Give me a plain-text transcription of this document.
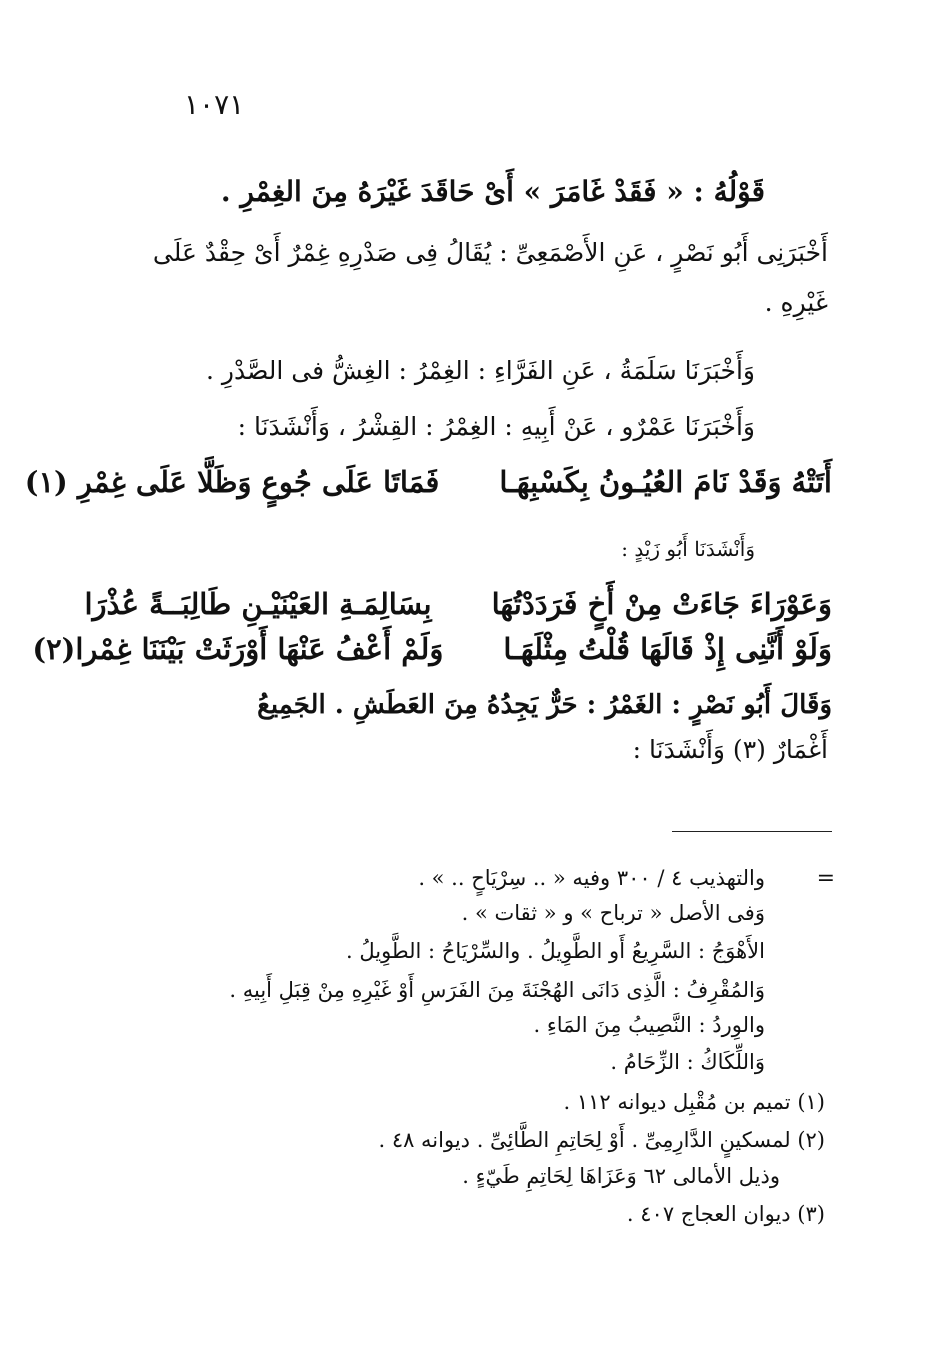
١٠٧١
قَوْلُهُ : « فَقَدْ غَامَرَ » أَىْ حَاقَدَ غَيْرَهُ مِنَ الغِمْرِ .
أَخْبَرَنِى أَبُو نَصْرٍ ، عَنِ الأَصْمَعِىِّ : يُقَالُ فِى صَدْرِهِ غِمْرٌ أَىْ حِقْدٌ عَلَى
غَيْرِهِ .
وَأَخْبَرَنَا سَلَمَةُ ، عَنِ الفَرَّاءِ : الغِمْرُ : الغِشُّ فى الصَّدْرِ .
وَأَخْبَرَنَا عَمْرٌو ، عَنْ أَبِيهِ : الغِمْرُ : القِشْرُ ، وَأَنْشَدَنَا :
أَتَتْهُ وَقَدْ نَامَ العُيُـونُ بِكَسْبِهَـافَمَاتَا عَلَى جُوعٍ وَظَلَّا عَلَى غِمْرِ (١)
وَأَنْشَدَنَا أَبُو زَيْدٍ :
وَعَوْرَاءَ جَاءَتْ مِنْ أَخٍ فَرَدَدْتُهَابِسَالِمَـةِ العَيْنَيْـنِ طَالِبَــةً عُذْرَا
وَلَوْ أَنَّنِى إِذْ قَالَهَا قُلْتُ مِثْلَهَـاوَلَمْ أَعْفُ عَنْهَا أَوْرَثَتْ بَيْنَنَا غِمْرا(٢)
وَقَالَ أَبُو نَصْرٍ : الغَمْرُ : حَرٌّ يَجِدُهُ مِنَ العَطَشِ . الجَمِيعُ
أَغْمَارٌ (٣) وَأَنْشَدَنَا :
=
والتهذيب ٤ / ٣٠٠ وفيه « .. سِرْيَاحٍ .. » .
وَفى الأصل « ترباح » و « ثقات » .
الأَهْوَجُ : السَّرِيعُ أَو الطَّوِيلُ . والسِّرْيَاحُ : الطَّوِيلُ .
وَالمُقْرِفُ : الَّذِى دَانَى الهُجْنَةَ مِنَ الفَرَسِ أَوْ غَيْرِهِ مِنْ قِبَلِ أَبِيهِ .
والوِردُ : النَّصِيبُ مِنَ المَاءِ .
وَاللِّكَاكُ : الزِّحَامُ .
(١) تميم بن مُقْبِل ديوانه ١١٢ .
(٢) لمسكينٍ الدَّارِمِىِّ . أَوْ لِحَاتِمِ الطَّائِىِّ . ديوانه ٤٨ .
وذيل الأمالى ٦٢ وَعَزَاهَا لِحَاتِمِ طَيّءٍ .
(٣) ديوان العجاج ٤٠٧ .
